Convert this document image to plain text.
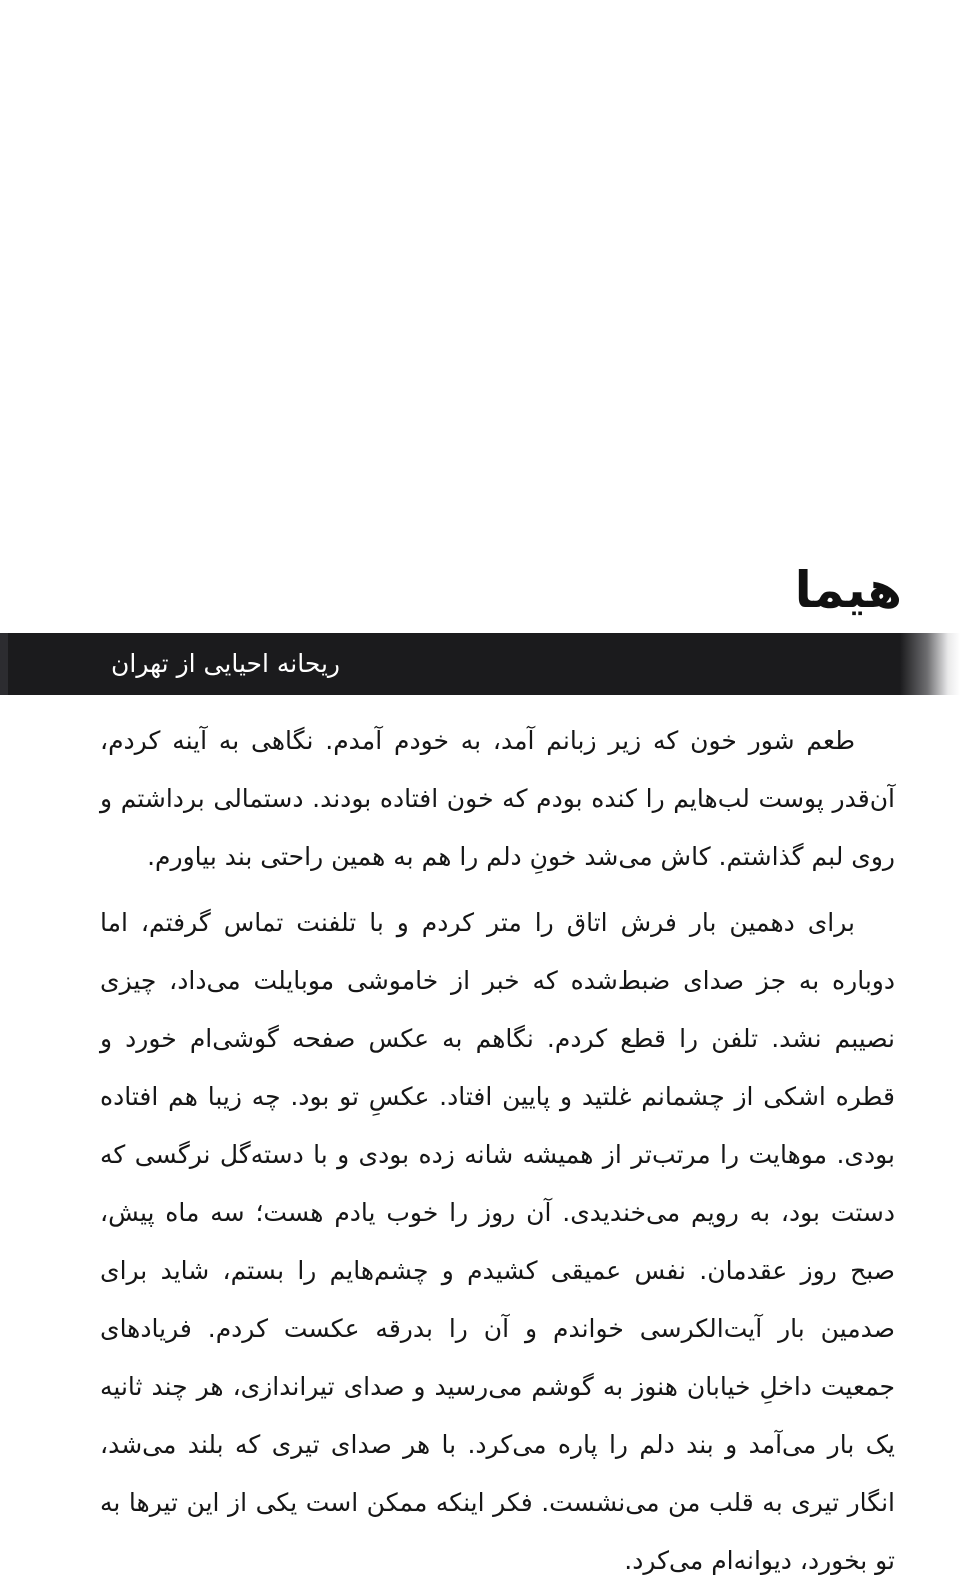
هیما
ریحانه احیایی از تهران

طعم شور خون که زیر زبانم آمد، به خودم آمدم. نگاهی به آینه کردم، آن‌قدر پوست لب‌هایم را کنده بودم که خون افتاده بودند. دستمالی برداشتم و روی لبم گذاشتم. کاش می‌شد خونِ دلم را هم به همین راحتی بند بیاورم.

برای دهمین بار فرش اتاق را متر کردم و با تلفنت تماس گرفتم، اما دوباره به جز صدای ضبط‌شده که خبر از خاموشی موبایلت می‌داد، چیزی نصیبم نشد. تلفن را قطع کردم. نگاهم به عکس صفحه گوشی‌ام خورد و قطره اشکی از چشمانم غلتید و پایین افتاد. عکسِ تو بود. چه زیبا هم افتاده بودی. موهایت را مرتب‌تر از همیشه شانه زده بودی و با دسته‌گل نرگسی که دستت بود، به رویم می‌خندیدی. آن روز را خوب یادم هست؛ سه ماه پیش، صبح روز عقدمان. نفس عمیقی کشیدم و چشم‌هایم را بستم، شاید برای صدمین بار آیت‌الکرسی خواندم و آن را بدرقه عکست کردم. فریادهای جمعیت داخلِ خیابان هنوز به گوشم می‌رسید و صدای تیراندازی، هر چند ثانیه یک بار می‌آمد و بند دلم را پاره می‌کرد. با هر صدای تیری که بلند می‌شد، انگار تیری به قلب من می‌نشست. فکر اینکه ممکن است یکی از این تیرها به تو بخورد، دیوانه‌ام می‌کرد.
